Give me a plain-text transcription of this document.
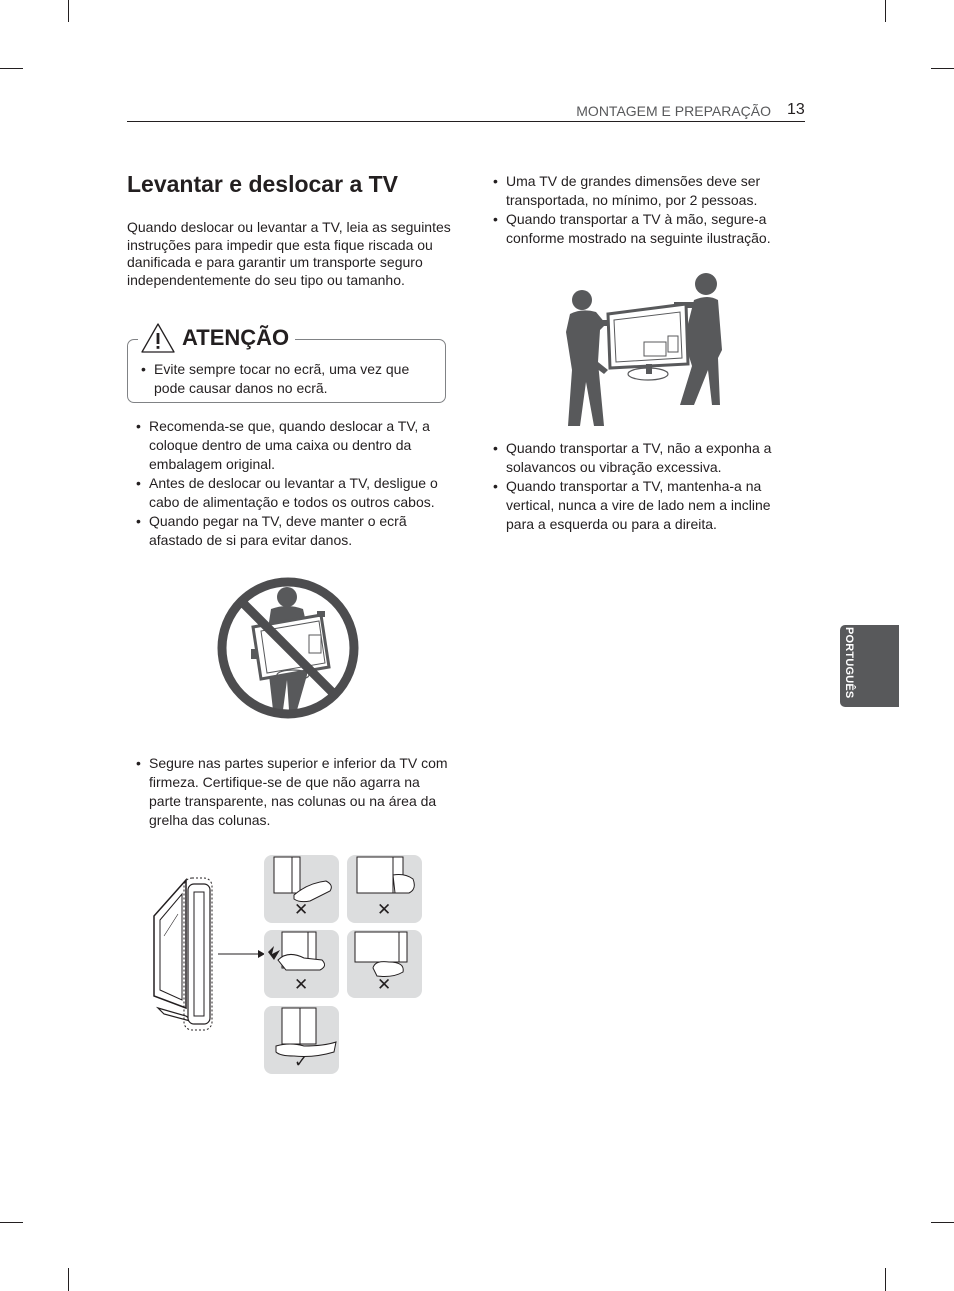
MONTAGEM E PREPARAÇÃO 13
Levantar e deslocar a TV

Quando deslocar ou levantar a TV, leia as seguintes instruções para impedir que esta fique riscada ou danificada e para garantir um transporte seguro independentemente do seu tipo ou tamanho.

ATENÇÃO
• Evite sempre tocar no ecrã, uma vez que pode causar danos no ecrã.
• Recomenda-se que, quando deslocar a TV, a coloque dentro de uma caixa ou dentro da embalagem original.
• Antes de deslocar ou levantar a TV, desligue o cabo de alimentação e todos os outros cabos.
• Quando pegar na TV, deve manter o ecrã afastado de si para evitar danos.
• Segure nas partes superior e inferior da TV com firmeza. Certifique-se de que não agarra na parte transparente, nas colunas ou na área da grelha das colunas.
✕	✕
✕	✕
✓
• Uma TV de grandes dimensões deve ser transportada, no mínimo, por 2 pessoas.
• Quando transportar a TV à mão, segure-a conforme mostrado na seguinte ilustração.
• Quando transportar a TV, não a exponha a solavancos ou vibração excessiva.
• Quando transportar a TV, mantenha-a na vertical, nunca a vire de lado nem a incline para a esquerda ou para a direita.
PORTUGUÊS
